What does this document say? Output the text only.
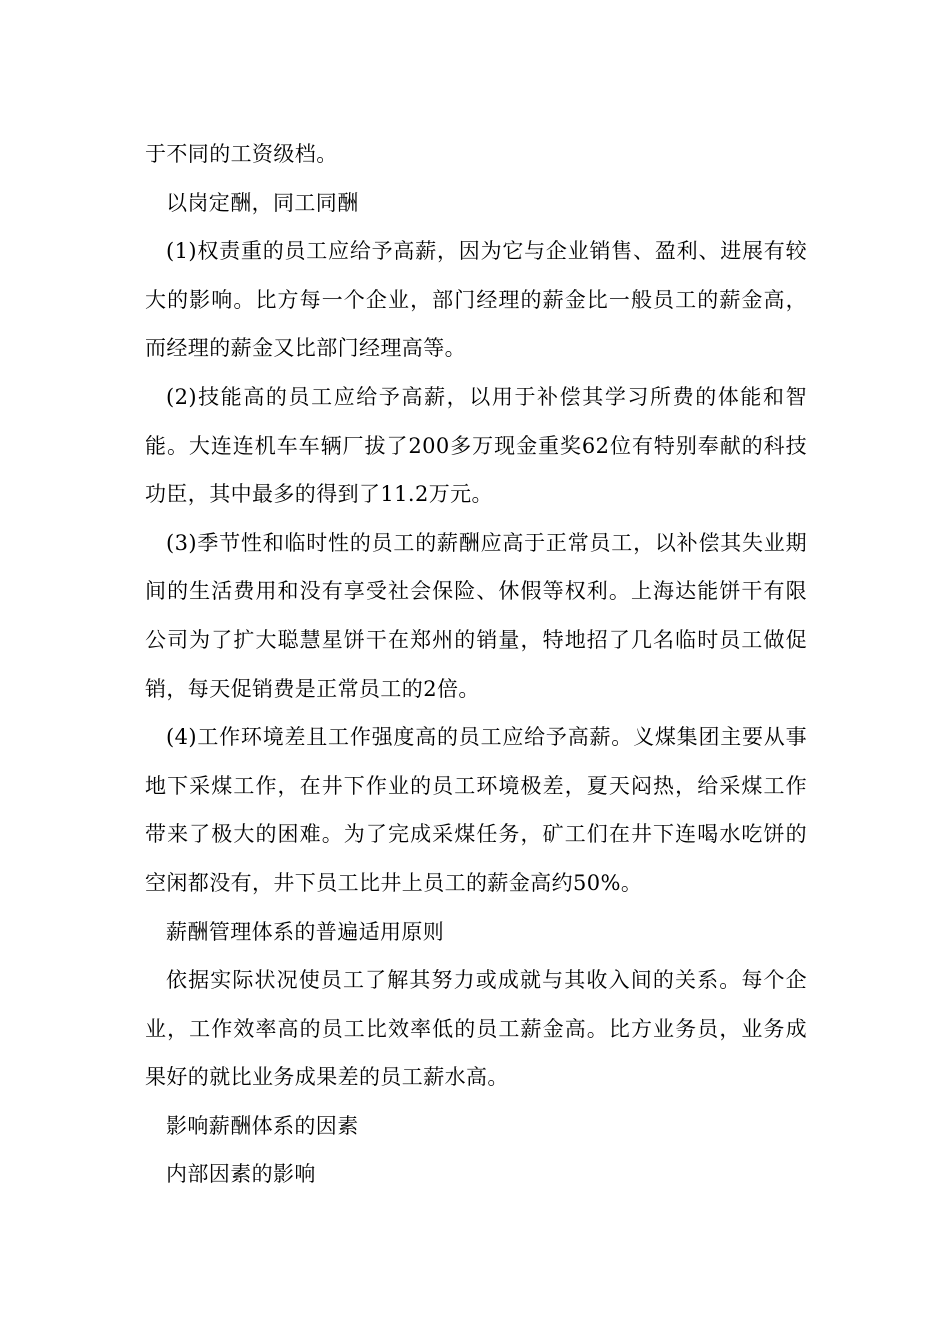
于不同的工资级档。

以岗定酬，同工同酬

(1)权责重的员工应给予高薪，因为它与企业销售、盈利、进展有较大的影响。比方每一个企业，部门经理的薪金比一般员工的薪金高，而经理的薪金又比部门经理高等。

(2)技能高的员工应给予高薪，以用于补偿其学习所费的体能和智能。大连连机车车辆厂拔了200多万现金重奖62位有特别奉献的科技功臣，其中最多的得到了11.2万元。

(3)季节性和临时性的员工的薪酬应高于正常员工，以补偿其失业期间的生活费用和没有享受社会保险、休假等权利。上海达能饼干有限公司为了扩大聪慧星饼干在郑州的销量，特地招了几名临时员工做促销，每天促销费是正常员工的2倍。

(4)工作环境差且工作强度高的员工应给予高薪。义煤集团主要从事地下采煤工作，在井下作业的员工环境极差，夏天闷热，给采煤工作带来了极大的困难。为了完成采煤任务，矿工们在井下连喝水吃饼的空闲都没有，井下员工比井上员工的薪金高约50%。

薪酬管理体系的普遍适用原则

依据实际状况使员工了解其努力或成就与其收入间的关系。每个企业，工作效率高的员工比效率低的员工薪金高。比方业务员，业务成果好的就比业务成果差的员工薪水高。

影响薪酬体系的因素

内部因素的影响
